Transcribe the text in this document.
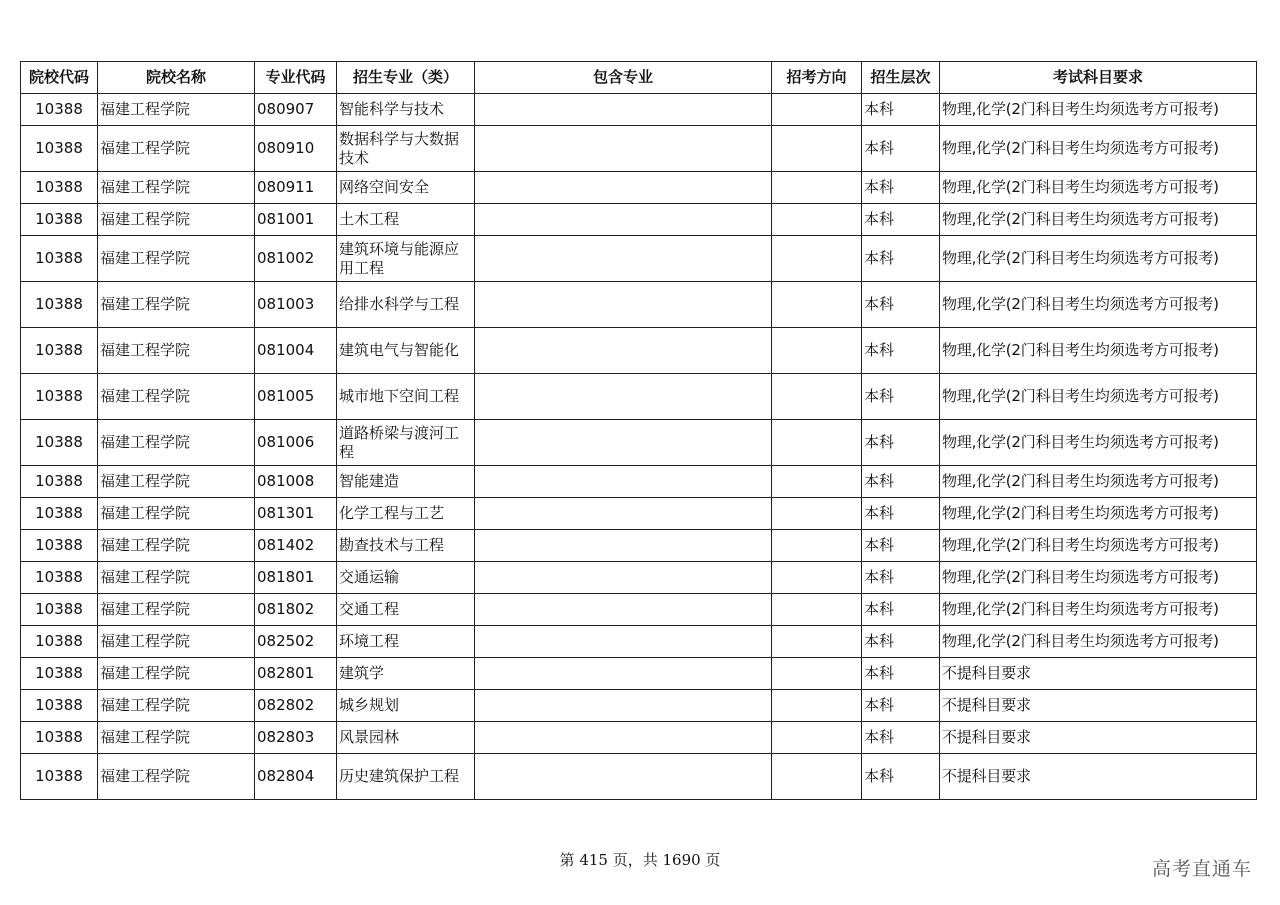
院校代码	院校名称	专业代码	招生专业（类）	包含专业	招考方向	招生层次	考试科目要求
10388	福建工程学院	080907	智能科学与技术			本科	物理,化学(2门科目考生均须选考方可报考)
10388	福建工程学院	080910	数据科学与大数据技术			本科	物理,化学(2门科目考生均须选考方可报考)
10388	福建工程学院	080911	网络空间安全			本科	物理,化学(2门科目考生均须选考方可报考)
10388	福建工程学院	081001	土木工程			本科	物理,化学(2门科目考生均须选考方可报考)
10388	福建工程学院	081002	建筑环境与能源应用工程			本科	物理,化学(2门科目考生均须选考方可报考)
10388	福建工程学院	081003	给排水科学与工程			本科	物理,化学(2门科目考生均须选考方可报考)
10388	福建工程学院	081004	建筑电气与智能化			本科	物理,化学(2门科目考生均须选考方可报考)
10388	福建工程学院	081005	城市地下空间工程			本科	物理,化学(2门科目考生均须选考方可报考)
10388	福建工程学院	081006	道路桥梁与渡河工程			本科	物理,化学(2门科目考生均须选考方可报考)
10388	福建工程学院	081008	智能建造			本科	物理,化学(2门科目考生均须选考方可报考)
10388	福建工程学院	081301	化学工程与工艺			本科	物理,化学(2门科目考生均须选考方可报考)
10388	福建工程学院	081402	勘查技术与工程			本科	物理,化学(2门科目考生均须选考方可报考)
10388	福建工程学院	081801	交通运输			本科	物理,化学(2门科目考生均须选考方可报考)
10388	福建工程学院	081802	交通工程			本科	物理,化学(2门科目考生均须选考方可报考)
10388	福建工程学院	082502	环境工程			本科	物理,化学(2门科目考生均须选考方可报考)
10388	福建工程学院	082801	建筑学			本科	不提科目要求
10388	福建工程学院	082802	城乡规划			本科	不提科目要求
10388	福建工程学院	082803	风景园林			本科	不提科目要求
10388	福建工程学院	082804	历史建筑保护工程			本科	不提科目要求
第 415 页，共 1690 页	高考直通车
